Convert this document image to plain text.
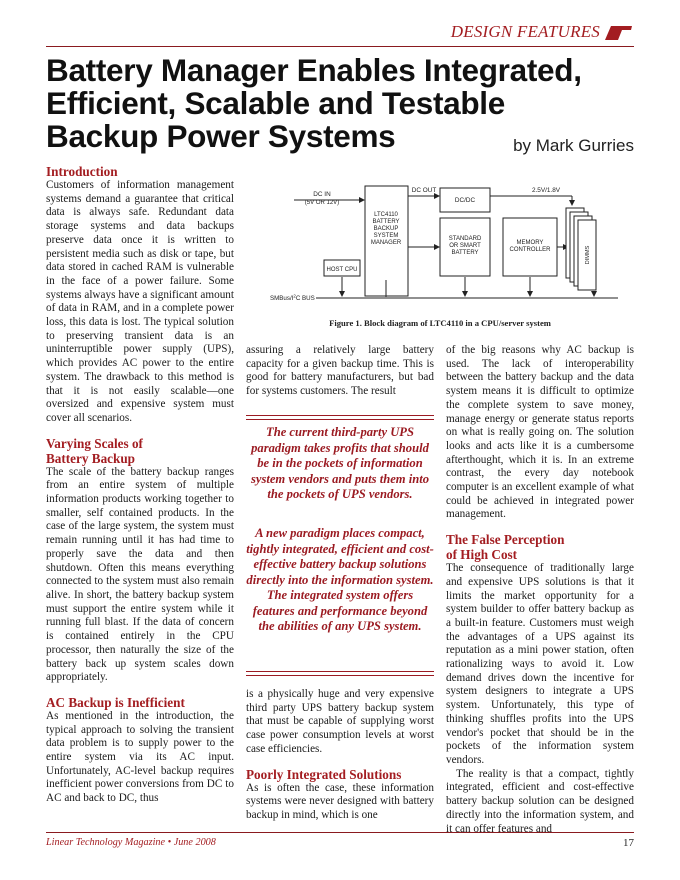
DESIGN FEATURES
Battery Manager Enables Integrated,
Efficient, Scalable and Testable
Backup Power Systems	by Mark Gurries
Introduction

Customers of information management systems demand a guarantee that critical data is always safe. Redundant data storage systems and data backups preserve data once it is written to persistent media such as disk or tape, but data stored in cached RAM is vulnerable in the face of a power failure. Some systems always have a significant amount of data in RAM, and in a complete power loss, this data is lost. The typical solution to preserving transient data is an uninterruptible power supply (UPS), which provides AC power to the entire system. The drawback to this method is that it is not easily scalable—one oversized and expensive system must cover all scenarios.

Varying Scales of
Battery Backup

The scale of the battery backup ranges from an entire system of multiple information products working together to smaller, self contained products. In the case of the large system, the system must remain running until it has had time to properly save the data and then shutdown. Often this means everything connected to the system must also remain alive. In short, the battery backup system must support the entire system while it running full blast. If the data of concern is contained entirely in the CPU processor, then naturally the size of the battery back up system scales down appropriately.

AC Backup is Inefficient

As mentioned in the introduction, the typical approach to solving the transient data problem is to supply power to the entire system via its AC input. Unfortunately, AC-level backup requires inefficient power conversions from DC to AC and back to DC, thus

DC IN
(5V OR 12V)
DC OUT	2.5V/1.8V
LTC4110
BATTERY
BACKUP
SYSTEM
MANAGER
DC/DC
STANDARD
OR SMART
BATTERY
MEMORY
CONTROLLER	DIMMS
HOST CPU
SMBus/$I^2C$ BUS
Figure 1. Block diagram of LTC4110 in a CPU/server system

assuring a relatively large battery capacity for a given backup time. This is good for battery manufacturers, but bad for systems customers. The result

The current third-party UPS paradigm takes profits that should be in the pockets of information system vendors and puts them into the pockets of UPS vendors.

A new paradigm places compact, tightly integrated, efficient and cost-effective battery backup solutions directly into the information system. The integrated system offers features and performance beyond the abilities of any UPS system.

is a physically huge and very expensive third party UPS battery backup system that must be capable of supplying worst case power consumption levels at worst case efficiencies.

Poorly Integrated Solutions

As is often the case, these information systems were never designed with battery backup in mind, which is one

of the big reasons why AC backup is used. The lack of interoperability between the battery backup and the data system means it is difficult to optimize the complete system to save money, manage energy or generate status reports on what is really going on. The solution looks and acts like it is a cumbersome afterthought, which it is. In an extreme contrast, the every day notebook computer is an excellent example of what could be achieved in integrated power management.

The False Perception
of High Cost

The consequence of traditionally large and expensive UPS solutions is that it limits the market opportunity for a system builder to offer battery backup as a built-in feature. Customers must weigh the advantages of a UPS against its reputation as a mini power station, often rationalizing ways to avoid it. Low demand drives down the incentive for system designers to integrate a UPS system. Unfortunately, this type of thinking shuffles profits into the UPS vendor's pocket that should be in the pockets of the information system vendors.

The reality is that a compact, tightly integrated, efficient and cost-effective battery backup solution can be designed directly into the information system, and it can offer features and

Linear Technology Magazine • June 2008	17
